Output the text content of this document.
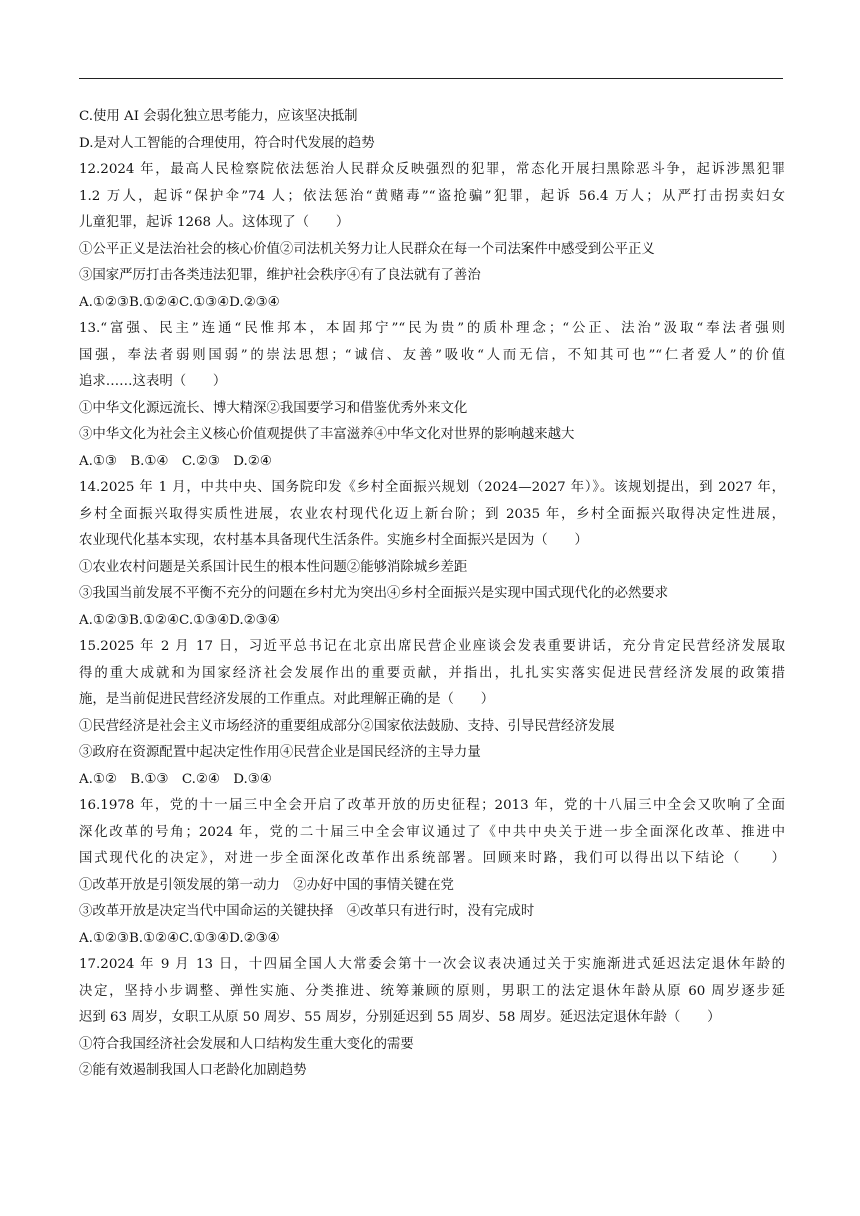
C.使用 AI 会弱化独立思考能力，应该坚决抵制
D.是对人工智能的合理使用，符合时代发展的趋势
12.2024 年，最高人民检察院依法惩治人民群众反映强烈的犯罪，常态化开展扫黑除恶斗争，起诉涉黑犯罪
1.2 万人，起诉“保护伞”74 人；依法惩治“黄赌毒”“盗抢骗”犯罪，起诉 56.4 万人；从严打击拐卖妇女
儿童犯罪，起诉 1268 人。这体现了（　　）
①公平正义是法治社会的核心价值②司法机关努力让人民群众在每一个司法案件中感受到公平正义
③国家严厉打击各类违法犯罪，维护社会秩序④有了良法就有了善治
A.①②③B.①②④C.①③④D.②③④
13.“富强、民主”连通“民惟邦本，本固邦宁”“民为贵”的质朴理念；“公正、法治”汲取“奉法者强则
国强，奉法者弱则国弱”的崇法思想；“诚信、友善”吸收“人而无信，不知其可也”“仁者爱人”的价值
追求……这表明（　　）
①中华文化源远流长、博大精深②我国要学习和借鉴优秀外来文化
③中华文化为社会主义核心价值观提供了丰富滋养④中华文化对世界的影响越来越大
A.①③　B.①④　C.②③　D.②④
14.2025 年 1 月，中共中央、国务院印发《乡村全面振兴规划（2024—2027 年）》。该规划提出，到 2027 年，
乡村全面振兴取得实质性进展，农业农村现代化迈上新台阶；到 2035 年，乡村全面振兴取得决定性进展，
农业现代化基本实现，农村基本具备现代生活条件。实施乡村全面振兴是因为（　　）
①农业农村问题是关系国计民生的根本性问题②能够消除城乡差距
③我国当前发展不平衡不充分的问题在乡村尤为突出④乡村全面振兴是实现中国式现代化的必然要求
A.①②③B.①②④C.①③④D.②③④
15.2025 年 2 月 17 日，习近平总书记在北京出席民营企业座谈会发表重要讲话，充分肯定民营经济发展取
得的重大成就和为国家经济社会发展作出的重要贡献，并指出，扎扎实实落实促进民营经济发展的政策措
施，是当前促进民营经济发展的工作重点。对此理解正确的是（　　）
①民营经济是社会主义市场经济的重要组成部分②国家依法鼓励、支持、引导民营经济发展
③政府在资源配置中起决定性作用④民营企业是国民经济的主导力量
A.①②　B.①③　C.②④　D.③④
16.1978 年，党的十一届三中全会开启了改革开放的历史征程；2013 年，党的十八届三中全会又吹响了全面
深化改革的号角；2024 年，党的二十届三中全会审议通过了《中共中央关于进一步全面深化改革、推进中
国式现代化的决定》，对进一步全面深化改革作出系统部署。回顾来时路，我们可以得出以下结论（　　）
①改革开放是引领发展的第一动力　②办好中国的事情关键在党
③改革开放是决定当代中国命运的关键抉择　④改革只有进行时，没有完成时
A.①②③B.①②④C.①③④D.②③④
17.2024 年 9 月 13 日，十四届全国人大常委会第十一次会议表决通过关于实施渐进式延迟法定退休年龄的
决定，坚持小步调整、弹性实施、分类推进、统筹兼顾的原则，男职工的法定退休年龄从原 60 周岁逐步延
迟到 63 周岁，女职工从原 50 周岁、55 周岁，分别延迟到 55 周岁、58 周岁。延迟法定退休年龄（　　）
①符合我国经济社会发展和人口结构发生重大变化的需要
②能有效遏制我国人口老龄化加剧趋势
